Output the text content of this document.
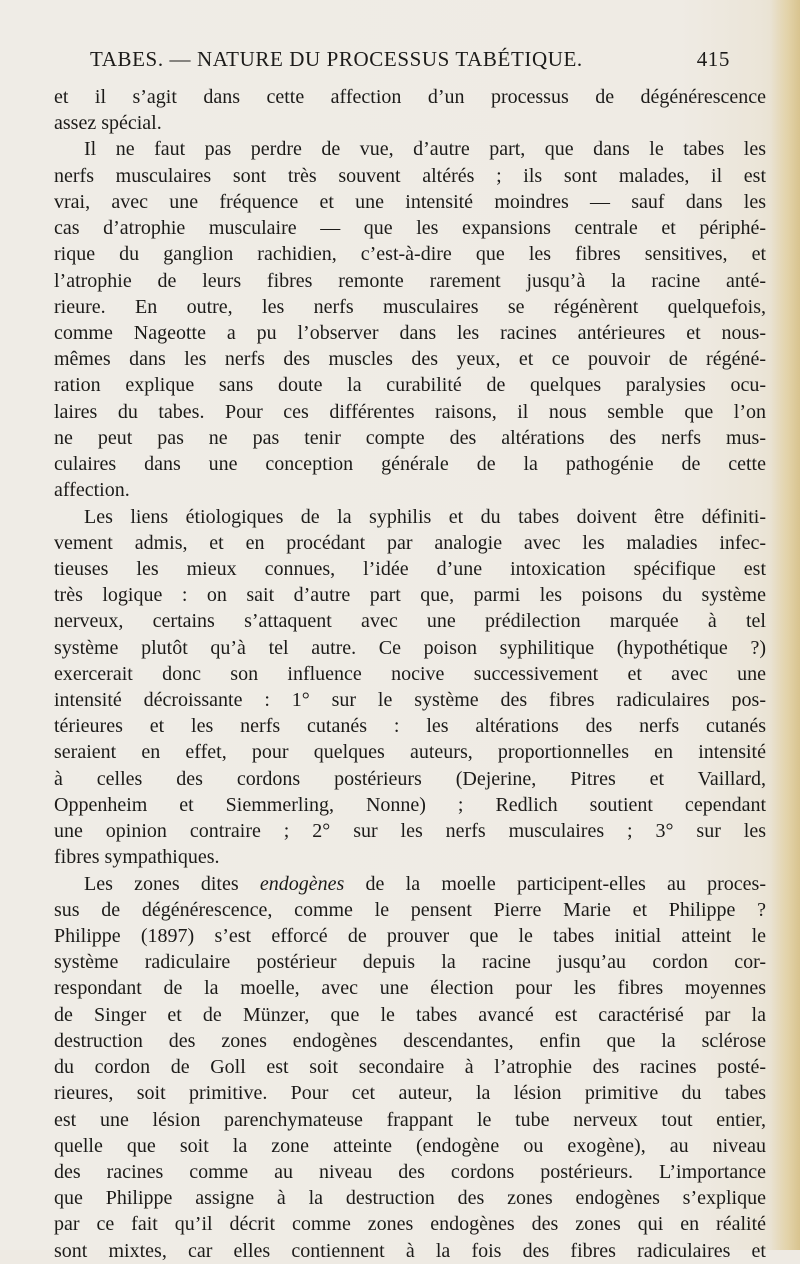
TABES. — NATURE DU PROCESSUS TABÉTIQUE.	415
et il s’agit dans cette affection d’un processus de dégénérescence
assez spécial.
Il ne faut pas perdre de vue, d’autre part, que dans le tabes les
nerfs musculaires sont très souvent altérés ; ils sont malades, il est
vrai, avec une fréquence et une intensité moindres — sauf dans les
cas d’atrophie musculaire — que les expansions centrale et périphé-
rique du ganglion rachidien, c’est-à-dire que les fibres sensitives, et
l’atrophie de leurs fibres remonte rarement jusqu’à la racine anté-
rieure. En outre, les nerfs musculaires se régénèrent quelquefois,
comme Nageotte a pu l’observer dans les racines antérieures et nous-
mêmes dans les nerfs des muscles des yeux, et ce pouvoir de régéné-
ration explique sans doute la curabilité de quelques paralysies ocu-
laires du tabes. Pour ces différentes raisons, il nous semble que l’on
ne peut pas ne pas tenir compte des altérations des nerfs mus-
culaires dans une conception générale de la pathogénie de cette
affection.
Les liens étiologiques de la syphilis et du tabes doivent être définiti-
vement admis, et en procédant par analogie avec les maladies infec-
tieuses les mieux connues, l’idée d’une intoxication spécifique est
très logique : on sait d’autre part que, parmi les poisons du système
nerveux, certains s’attaquent avec une prédilection marquée à tel
système plutôt qu’à tel autre. Ce poison syphilitique (hypothétique ?)
exercerait donc son influence nocive successivement et avec une
intensité décroissante : 1° sur le système des fibres radiculaires pos-
térieures et les nerfs cutanés : les altérations des nerfs cutanés
seraient en effet, pour quelques auteurs, proportionnelles en intensité
à celles des cordons postérieurs (Dejerine, Pitres et Vaillard,
Oppenheim et Siemmerling, Nonne) ; Redlich soutient cependant
une opinion contraire ; 2° sur les nerfs musculaires ; 3° sur les
fibres sympathiques.
Les zones dites endogènes de la moelle participent-elles au proces-
sus de dégénérescence, comme le pensent Pierre Marie et Philippe ?
Philippe (1897) s’est efforcé de prouver que le tabes initial atteint le
système radiculaire postérieur depuis la racine jusqu’au cordon cor-
respondant de la moelle, avec une élection pour les fibres moyennes
de Singer et de Münzer, que le tabes avancé est caractérisé par la
destruction des zones endogènes descendantes, enfin que la sclérose
du cordon de Goll est soit secondaire à l’atrophie des racines posté-
rieures, soit primitive. Pour cet auteur, la lésion primitive du tabes
est une lésion parenchymateuse frappant le tube nerveux tout entier,
quelle que soit la zone atteinte (endogène ou exogène), au niveau
des racines comme au niveau des cordons postérieurs. L’importance
que Philippe assigne à la destruction des zones endogènes s’explique
par ce fait qu’il décrit comme zones endogènes des zones qui en réalité
sont mixtes, car elles contiennent à la fois des fibres radiculaires et
